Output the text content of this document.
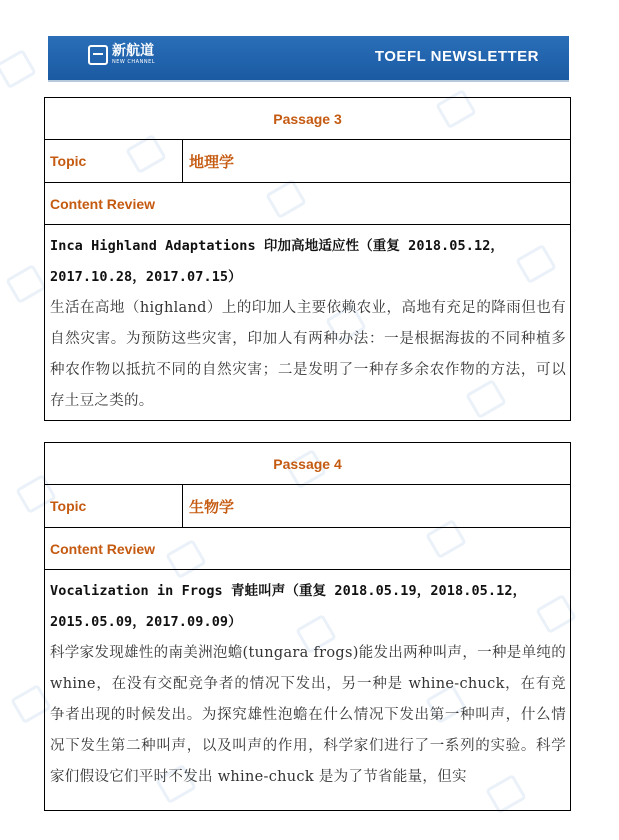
新航道
NEW CHANNEL	TOEFL NEWSLETTER
Passage 3
Topic	地理学
Content Review
Inca Highland Adaptations 印加高地适应性（重复 2018.05.12，2017.10.28，2017.07.15）
生活在高地（highland）上的印加人主要依赖农业，高地有充足的降雨但也有自然灾害。为预防这些灾害，印加人有两种办法：一是根据海拔的不同种植多种农作物以抵抗不同的自然灾害；二是发明了一种存多余农作物的方法，可以存土豆之类的。
Passage 4
Topic	生物学
Content Review
Vocalization in Frogs 青蛙叫声（重复 2018.05.19，2018.05.12，2015.05.09，2017.09.09）
科学家发现雄性的南美洲泡蟾(tungara frogs)能发出两种叫声，一种是单纯的 whine，在没有交配竞争者的情况下发出，另一种是 whine-chuck，在有竞争者出现的时候发出。为探究雄性泡蟾在什么情况下发出第一种叫声，什么情况下发生第二种叫声，以及叫声的作用，科学家们进行了一系列的实验。科学家们假设它们平时不发出 whine-chuck 是为了节省能量，但实
